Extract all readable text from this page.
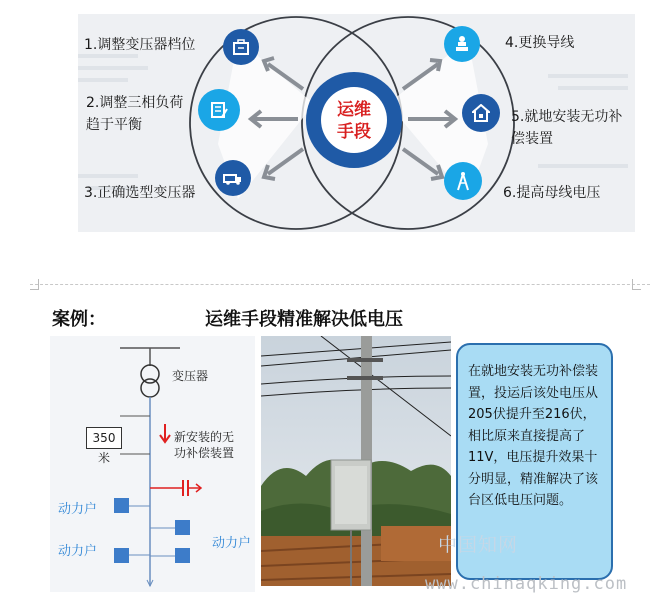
运维
手段
1.调整变压器档位
2.调整三相负荷
趋于平衡
3.正确选型变压器
4.更换导线
5.就地安装无功补
偿装置
6.提高母线电压
案例：	运维手段精准解决低电压
变压器
350米
新安装的无
功补偿装置
动力户
动力户
动力户
在就地安装无功补偿装置，投运后该处电压从205伏提升至216伏，相比原来直接提高了11V，电压提升效果十分明显，精准解决了该台区低电压问题。
中国知网
www.chinaqking.com
